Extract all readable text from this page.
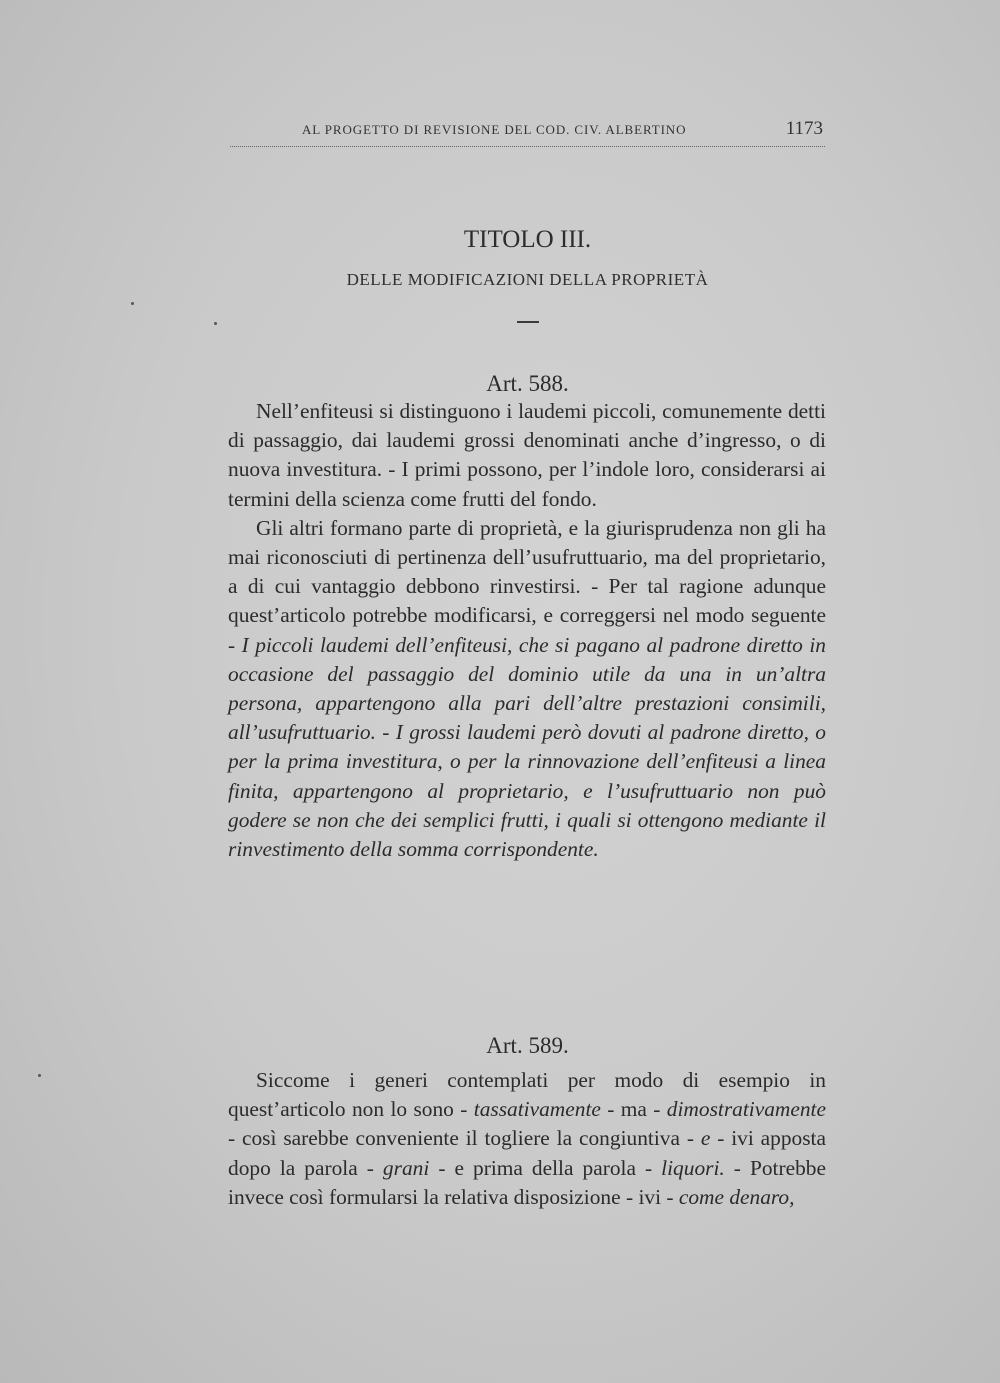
AL PROGETTO DI REVISIONE DEL COD. CIV. ALBERTINO	1173
TITOLO III.
DELLE MODIFICAZIONI DELLA PROPRIETÀ
Art. 588.

Nell’enfiteusi si distinguono i laudemi piccoli, comunemente detti di passaggio, dai laudemi grossi denominati anche d’ingresso, o di nuova investitura. - I primi possono, per l’indole loro, considerarsi ai termini della scienza come frutti del fondo.

Gli altri formano parte di proprietà, e la giurisprudenza non gli ha mai riconosciuti di pertinenza dell’usufruttuario, ma del proprietario, a di cui vantaggio debbono rinvestirsi. - Per tal ragione adunque quest’articolo potrebbe modificarsi, e correggersi nel modo seguente - I piccoli laudemi dell’enfiteusi, che si pagano al padrone diretto in occasione del passaggio del dominio utile da una in un’altra persona, appartengono alla pari dell’altre prestazioni consimili, all’usufruttuario. - I grossi laudemi però dovuti al padrone diretto, o per la prima investitura, o per la rinnovazione dell’enfiteusi a linea finita, appartengono al proprietario, e l’usufruttuario non può godere se non che dei semplici frutti, i quali si ottengono mediante il rinvestimento della somma corrispondente.

Art. 589.

Siccome i generi contemplati per modo di esempio in quest’articolo non lo sono - tassativamente - ma - dimostrativamente - così sarebbe conveniente il togliere la congiuntiva - e - ivi apposta dopo la parola - grani - e prima della parola - liquori. - Potrebbe invece così formularsi la relativa disposizione - ivi - come denaro,
